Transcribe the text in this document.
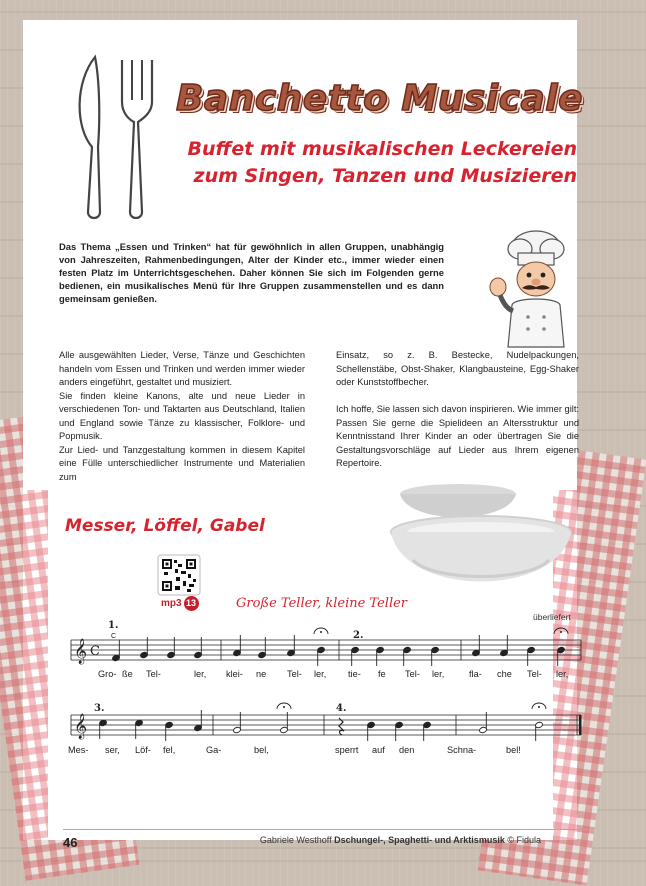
Banchetto Musicale
Buffet mit musikalischen Leckereien
zum Singen, Tanzen und Musizieren
Das Thema „Essen und Trinken“ hat für gewöhnlich in allen Gruppen, unabhängig von Jahreszeiten, Rahmenbedingungen, Alter der Kinder etc., immer wieder einen festen Platz im Unterrichtsgeschehen. Daher können Sie sich im Folgenden gerne bedienen, ein musikalisches Menü für Ihre Gruppen zusammenstellen und es dann gemeinsam genießen.

Alle ausgewählten Lieder, Verse, Tänze und Geschichten handeln vom Essen und Trinken und werden immer wieder anders eingeführt, gestaltet und musiziert.

Sie finden kleine Kanons, alte und neue Lieder in verschiedenen Ton- und Taktarten aus Deutschland, Italien und England sowie Tänze zu klassischer, Folklore- und Popmusik.

Zur Lied- und Tanzgestaltung kommen in diesem Kapitel eine Fülle unterschiedlicher Instrumente und Materialien zum

Einsatz, so z. B. Bestecke, Nudelpackungen, Schellenstäbe, Obst-Shaker, Klangbausteine, Egg-Shaker oder Kunststoffbecher.

Ich hoffe, Sie lassen sich davon inspirieren. Wie immer gilt: Passen Sie gerne die Spielideen an Altersstruktur und Kenntnisstand Ihrer Kinder an oder übertragen Sie die Gestaltungsvorschläge auf Lieder aus Ihrem eigenen Repertoire.

Messer, Löffel, Gabel
mp3 13	Große Teller, kleine Teller
überliefert
𝄞 C
1.
C	2.
Gro- ße Tel-	ler, klei- ne Tel- ler, tie- fe Tel- ler,	fla- che Tel- ler,
𝄞
3.	4.
Mes- ser, Löf- fel,	Ga-	bel,	sperrt auf den	Schna-	bel!
46	Gabriele Westhoff Dschungel-, Spaghetti- und Arktismusik © Fidula
